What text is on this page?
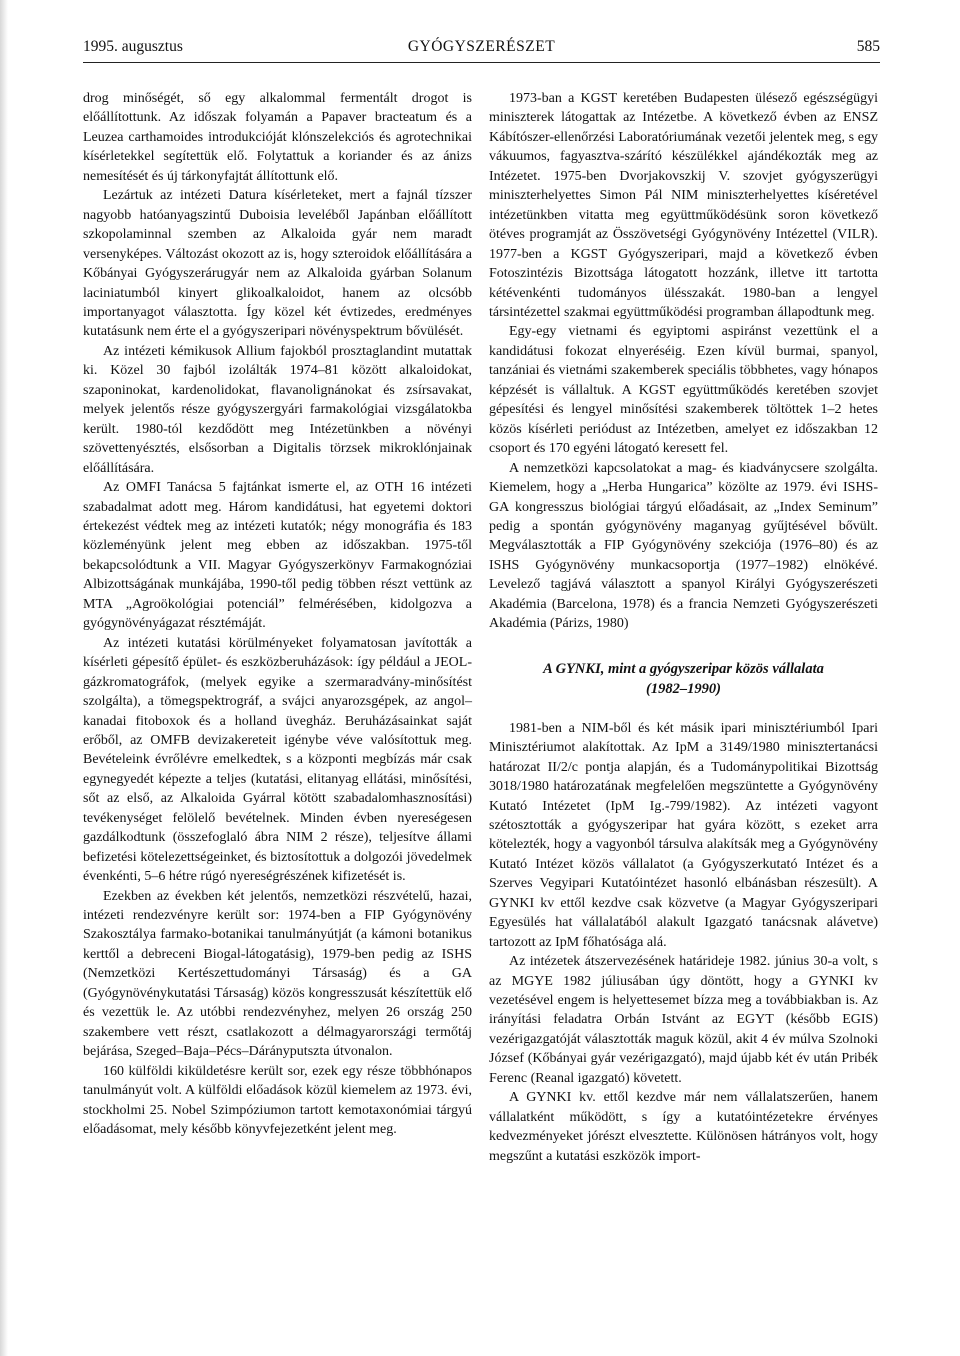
1995. augusztus	GYÓGYSZERÉSZET	585

drog minőségét, ső egy alkalommal fermentált drogot is előállítottunk. Az időszak folyamán a Papaver bracteatum és a Leuzea carthamoides introdukcióját klónszelekciós és agrotechnikai kísérletekkel segítettük elő. Folytattuk a koriander és az ánizs nemesítését és új tárkonyfajtát állítottunk elő.

Lezártuk az intézeti Datura kísérleteket, mert a fajnál tízszer nagyobb hatóanyagszintű Duboisia leveléből Japánban előállított szkopolaminnal szemben az Alkaloida gyár nem maradt versenyképes. Változást okozott az is, hogy szteroidok előállítására a Kőbányai Gyógyszerárugyár nem az Alkaloida gyárban Solanum laciniatumból kinyert glikoalkaloidot, hanem az olcsóbb importanyagot választotta. Így közel két évtizedes, eredményes kutatásunk nem érte el a gyógyszeripari növényspektrum bővülését.

Az intézeti kémikusok Allium fajokból prosztaglandint mutattak ki. Közel 30 fajból izolálták 1974–81 között alkaloidokat, szaponinokat, kardenolidokat, flavanolignánokat és zsírsavakat, melyek jelentős része gyógyszergyári farmakológiai vizsgálatokba került. 1980-tól kezdődött meg Intézetünkben a növényi szövettenyésztés, elsősorban a Digitalis törzsek mikroklónjainak előállítására.

Az OMFI Tanácsa 5 fajtánkat ismerte el, az OTH 16 intézeti szabadalmat adott meg. Három kandidátusi, hat egyetemi doktori értekezést védtek meg az intézeti kutatók; négy monográfia és 183 közleményünk jelent meg ebben az időszakban. 1975-től bekapcsolódtunk a VII. Magyar Gyógyszerkönyv Farmakognóziai Albizottságának munkájába, 1990-től pedig többen részt vettünk az MTA „Agroökológiai potenciál” felmérésében, kidolgozva a gyógynövényágazat résztémáját.

Az intézeti kutatási körülményeket folyamatosan javították a kísérleti gépesítő épület- és eszközberuházások: így például a JEOL-gázkromatográfok, (melyek egyike a szermaradvány-minősítést szolgálta), a tömegspektrográf, a svájci anyarozsgépek, az angol–kanadai fitoboxok és a holland üvegház. Beruházásainkat saját erőből, az OMFB devizakereteit igénybe véve valósítottuk meg. Bevételeink évrőlévre emelkedtek, s a központi megbízás már csak egynegyedét képezte a teljes (kutatási, elitanyag ellátási, minősítési, sőt az első, az Alkaloida Gyárral kötött szabadalomhasznosítási) tevékenységet felölelő bevételnek. Minden évben nyereségesen gazdálkodtunk (összefoglaló ábra NIM 2 része), teljesítve állami befizetési kötelezettségeinket, és biztosítottuk a dolgozói jövedelmek évenkénti, 5–6 hétre rúgó nyereségrészének kifizetését is.

Ezekben az években két jelentős, nemzetközi részvételű, hazai, intézeti rendezvényre került sor: 1974-ben a FIP Gyógynövény Szakosztálya farmako-botanikai tanulmányútját (a kámoni botanikus kerttől a debreceni Biogal-látogatásig), 1979-ben pedig az ISHS (Nemzetközi Kertészettudományi Társaság) és a GA (Gyógynövénykutatási Társaság) közös kongresszusát készítettük elő és vezettük le. Az utóbbi rendezvényhez, melyen 26 ország 250 szakembere vett részt, csatlakozott a délmagyarországi termőtáj bejárása, Szeged–Baja–Pécs–Dárányputszta útvonalon.

160 külföldi kiküldetésre került sor, ezek egy része többhónapos tanulmányút volt. A külföldi előadások közül kiemelem az 1973. évi, stockholmi 25. Nobel Szimpóziumon tartott kemotaxonómiai tárgyú előadásomat, mely később könyvfejezetként jelent meg.

1973-ban a KGST keretében Budapesten ülésező egészségügyi miniszterek látogattak az Intézetbe. A következő évben az ENSZ Kábítószer-ellenőrzési Laboratóriumának vezetői jelentek meg, s egy vákuumos, fagyasztva-szárító készülékkel ajándékozták meg az Intézetet. 1975-ben Dvorjakovszkij V. szovjet gyógyszerügyi miniszterhelyettes Simon Pál NIM miniszterhelyettes kíséretével intézetünkben vitatta meg együttműködésünk soron következő ötéves programját az Összövetségi Gyógynövény Intézettel (VILR). 1977-ben a KGST Gyógyszeripari, majd a következő évben Fotoszintézis Bizottsága látogatott hozzánk, illetve itt tartotta kétévenkénti tudományos ülésszakát. 1980-ban a lengyel társintézettel szakmai együttműködési programban állapodtunk meg.

Egy-egy vietnami és egyiptomi aspiránst vezettünk el a kandidátusi fokozat elnyeréséig. Ezen kívül burmai, spanyol, tanzániai és vietnámi szakemberek speciális többhetes, vagy hónapos képzését is vállaltuk. A KGST együttműködés keretében szovjet gépesítési és lengyel minősítési szakemberek töltöttek 1–2 hetes közös kísérleti periódust az Intézetben, amelyet ez időszakban 12 csoport és 170 egyéni látogató keresett fel.

A nemzetközi kapcsolatokat a mag- és kiadványcsere szolgálta. Kiemelem, hogy a „Herba Hungarica” közölte az 1979. évi ISHS-GA kongresszus biológiai tárgyú előadásait, az „Index Seminum” pedig a spontán gyógynövény maganyag gyűjtésével bővült. Megválasztották a FIP Gyógynövény szekciója (1976–80) és az ISHS Gyógynövény munkacsoportja (1977–1982) elnökévé. Levelező tagjává választott a spanyol Királyi Gyógyszerészeti Akadémia (Barcelona, 1978) és a francia Nemzeti Gyógyszerészeti Akadémia (Párizs, 1980)

A GYNKI, mint a gyógyszeripar közös vállalata
(1982–1990)

1981-ben a NIM-ből és két másik ipari minisztériumból Ipari Minisztériumot alakítottak. Az IpM a 3149/1980 minisztertanácsi határozat II/2/c pontja alapján, és a Tudománypolitikai Bizottság 3018/1980 határozatának megfelelően megszüntette a Gyógynövény Kutató Intézetet (IpM Ig.-799/1982). Az intézeti vagyont szétosztották a gyógyszeripar hat gyára között, s ezeket arra kötelezték, hogy a vagyonból társulva alakítsák meg a Gyógynövény Kutató Intézet közös vállalatot (a Gyógyszerkutató Intézet és a Szerves Vegyipari Kutatóintézet hasonló elbánásban részesült). A GYNKI kv ettől kezdve csak közvetve (a Magyar Gyógyszeripari Egyesülés hat vállalatából alakult Igazgató tanácsnak alávetve) tartozott az IpM főhatósága alá.

Az intézetek átszervezésének határideje 1982. június 30-a volt, s az MGYE 1982 júliusában úgy döntött, hogy a GYNKI kv vezetésével engem is helyettesemet bízza meg a továbbiakban is. Az irányítási feladatra Orbán Istvánt az EGYT (később EGIS) vezérigazgatóját választották maguk közül, akit 4 év múlva Szolnoki József (Kőbányai gyár vezérigazgató), majd újabb két év után Pribék Ferenc (Reanal igazgató) követett.

A GYNKI kv. ettől kezdve már nem vállalatszerűen, hanem vállalatként működött, s így a kutatóintézetekre érvényes kedvezményeket jórészt elvesztette. Különösen hátrányos volt, hogy megszűnt a kutatási eszközök import-
